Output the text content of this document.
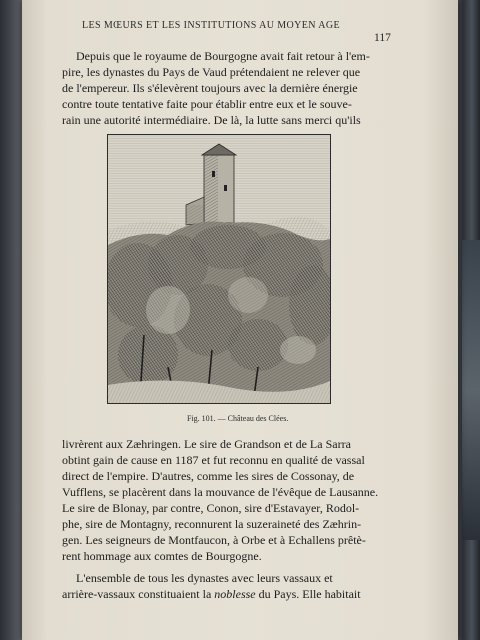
LES MŒURS ET LES INSTITUTIONS AU MOYEN AGE
117
Depuis que le royaume de Bourgogne avait fait retour à l'em-
pire, les dynastes du Pays de Vaud prétendaient ne relever que
de l'empereur. Ils s'élevèrent toujours avec la dernière énergie
contre toute tentative faite pour établir entre eux et le souve-
rain une autorité intermédiaire. De là, la lutte sans merci qu'ils
Fig. 101. — Château des Clées.
livrèrent aux Zæhringen. Le sire de Grandson et de La Sarra
obtint gain de cause en 1187 et fut reconnu en qualité de vassal
direct de l'empire. D'autres, comme les sires de Cossonay, de
Vufflens, se placèrent dans la mouvance de l'évêque de Lausanne.
Le sire de Blonay, par contre, Conon, sire d'Estavayer, Rodol-
phe, sire de Montagny, reconnurent la suzeraineté des Zæhrin-
gen. Les seigneurs de Montfaucon, à Orbe et à Echallens prêtè-
rent hommage aux comtes de Bourgogne.
L'ensemble de tous les dynastes avec leurs vassaux et
arrière-vassaux constituaient la noblesse du Pays. Elle habitait
